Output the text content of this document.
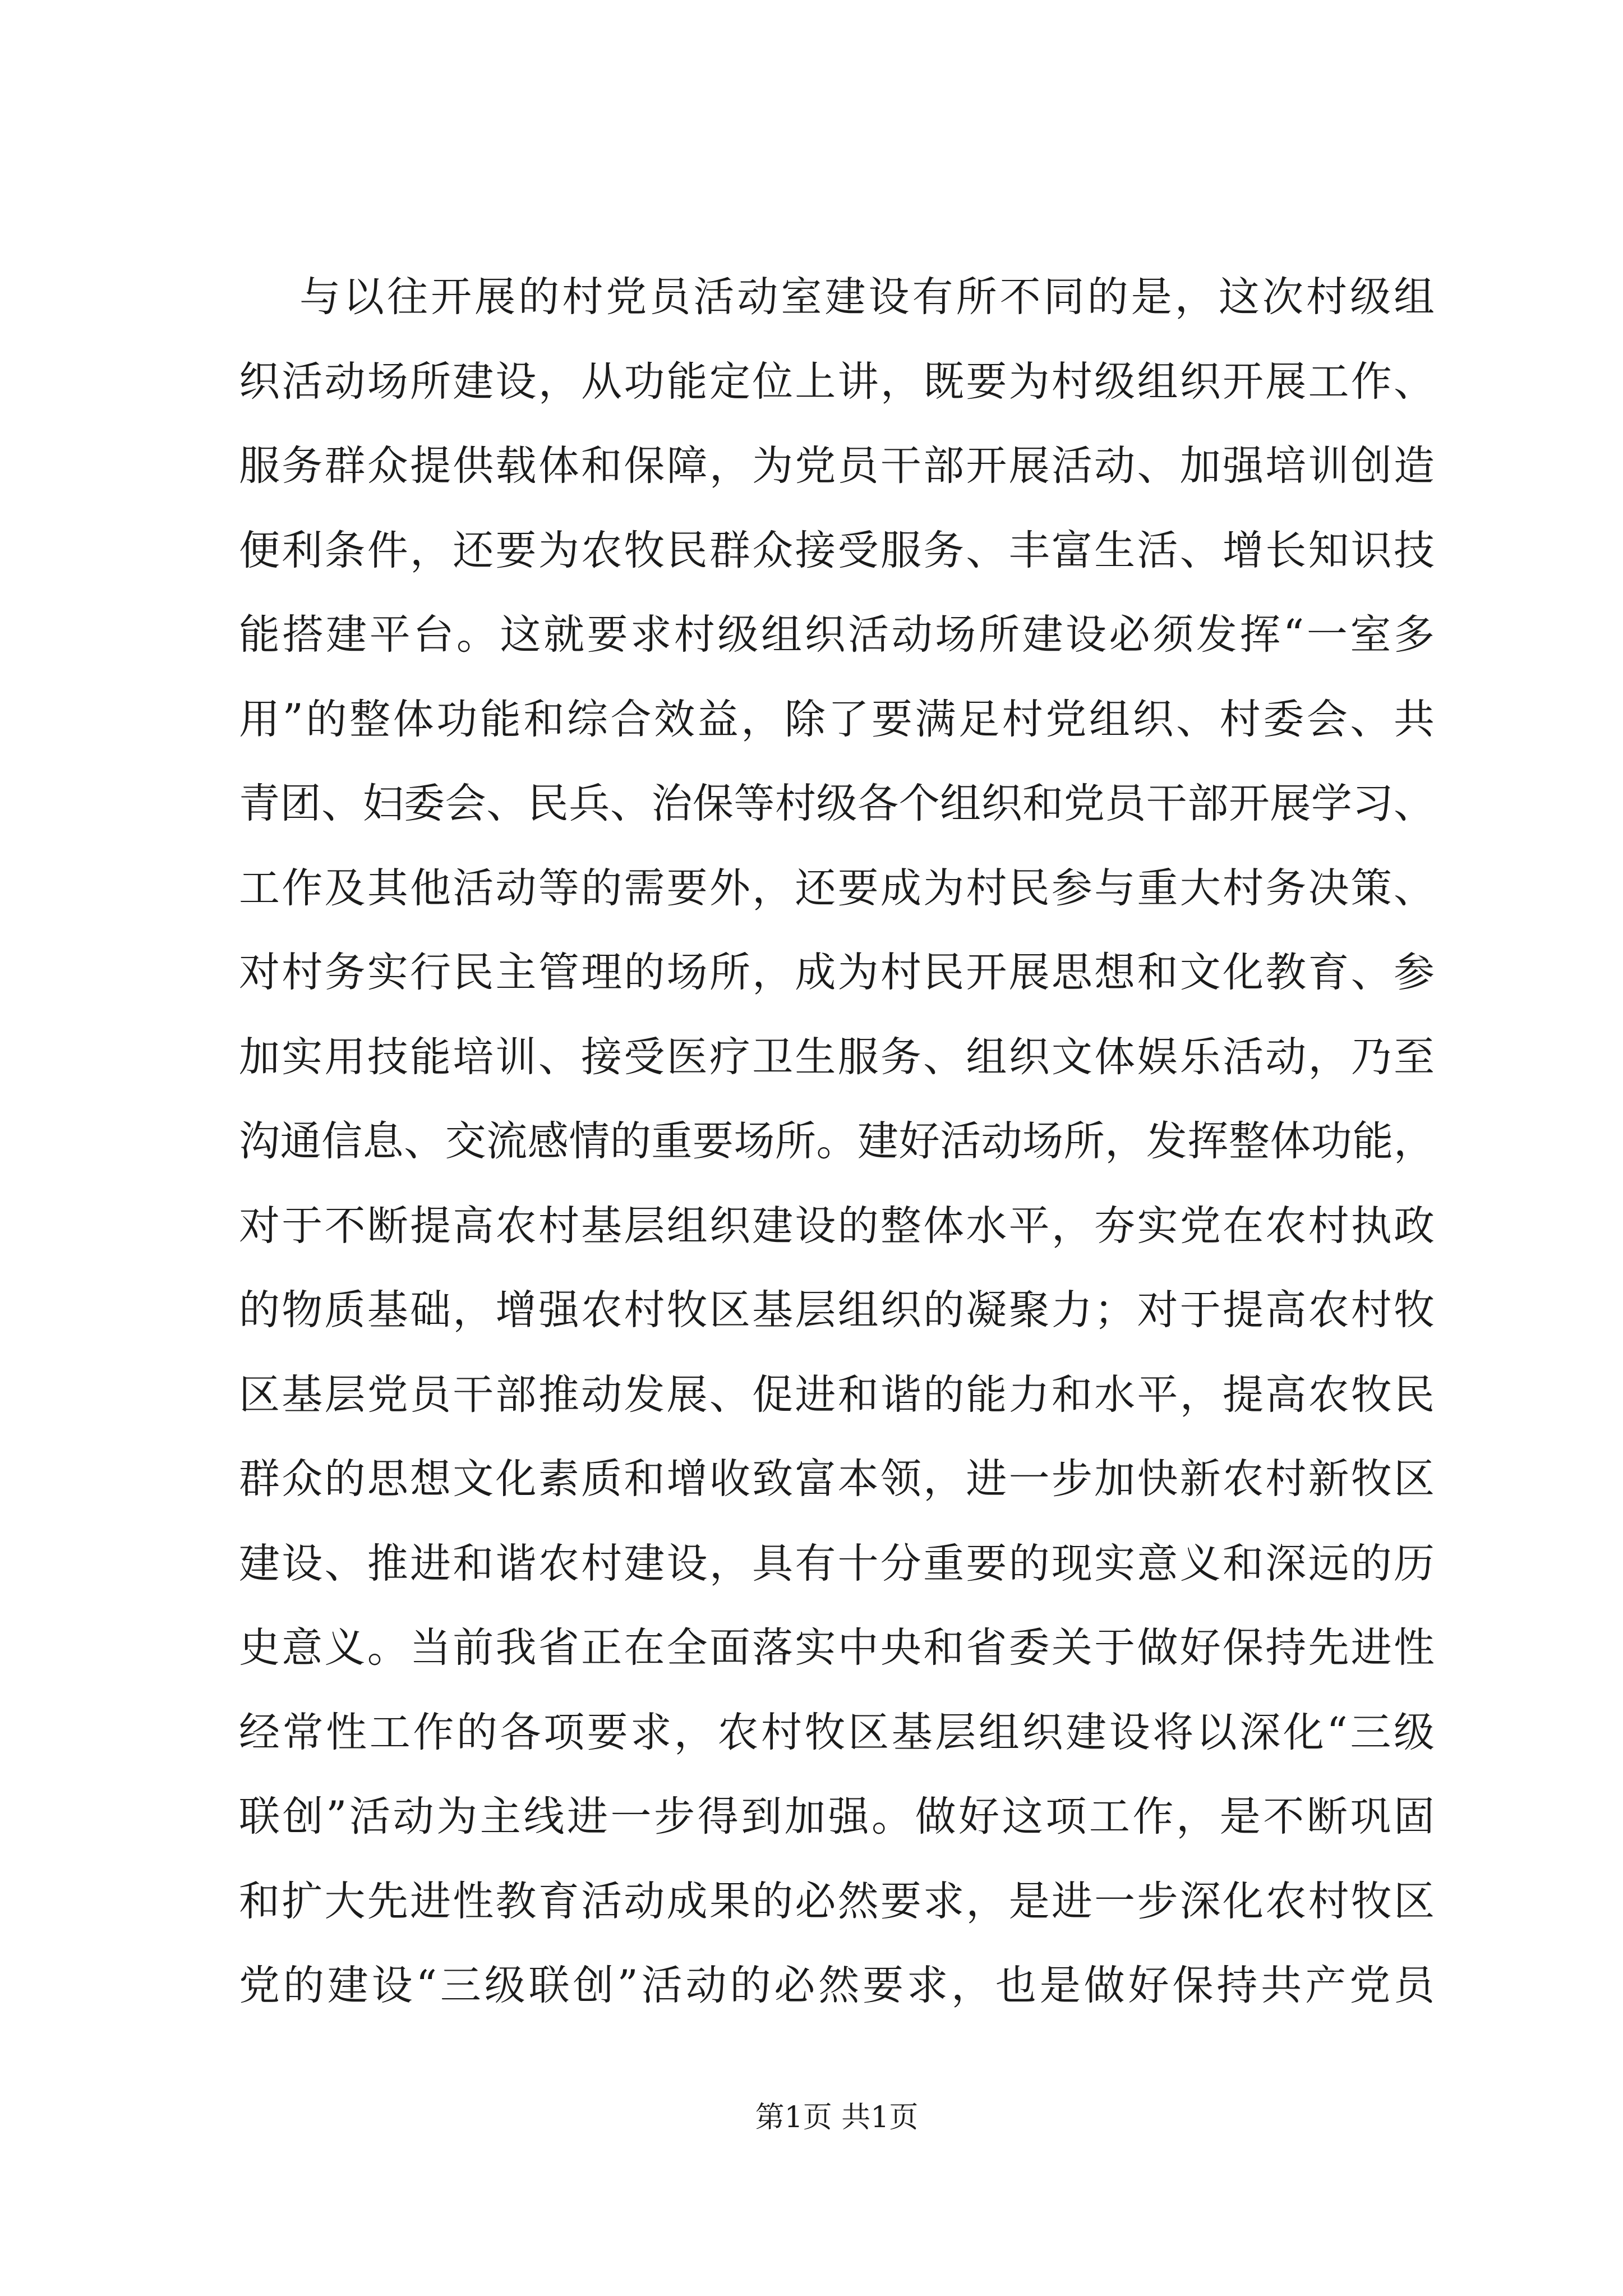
与以往开展的村党员活动室建设有所不同的是，这次村级组
织活动场所建设，从功能定位上讲，既要为村级组织开展工作、
服务群众提供载体和保障，为党员干部开展活动、加强培训创造
便利条件，还要为农牧民群众接受服务、丰富生活、增长知识技
能搭建平台。这就要求村级组织活动场所建设必须发挥“一室多
用”的整体功能和综合效益，除了要满足村党组织、村委会、共
青团、妇委会、民兵、治保等村级各个组织和党员干部开展学习、
工作及其他活动等的需要外，还要成为村民参与重大村务决策、
对村务实行民主管理的场所，成为村民开展思想和文化教育、参
加实用技能培训、接受医疗卫生服务、组织文体娱乐活动，乃至
沟通信息、交流感情的重要场所。建好活动场所，发挥整体功能，
对于不断提高农村基层组织建设的整体水平，夯实党在农村执政
的物质基础，增强农村牧区基层组织的凝聚力；对于提高农村牧
区基层党员干部推动发展、促进和谐的能力和水平，提高农牧民
群众的思想文化素质和增收致富本领，进一步加快新农村新牧区
建设、推进和谐农村建设，具有十分重要的现实意义和深远的历
史意义。当前我省正在全面落实中央和省委关于做好保持先进性
经常性工作的各项要求，农村牧区基层组织建设将以深化“三级
联创”活动为主线进一步得到加强。做好这项工作，是不断巩固
和扩大先进性教育活动成果的必然要求，是进一步深化农村牧区
党的建设“三级联创”活动的必然要求，也是做好保持共产党员
第1页 共1页
